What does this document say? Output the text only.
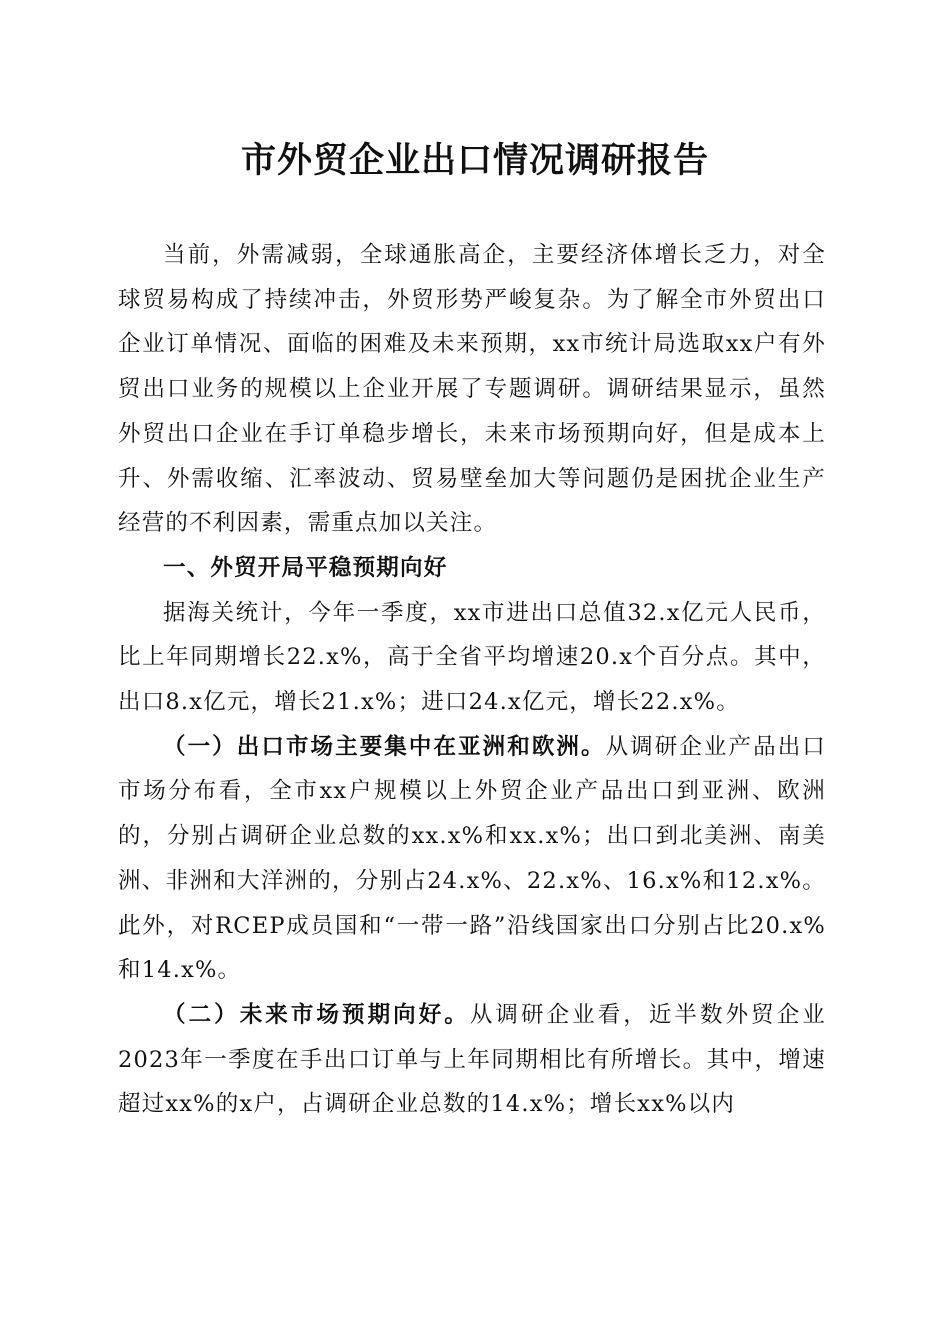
市外贸企业出口情况调研报告

当前，外需减弱，全球通胀高企，主要经济体增长乏力，对全球贸易构成了持续冲击，外贸形势严峻复杂。为了解全市外贸出口企业订单情况、面临的困难及未来预期，xx市统计局选取xx户有外贸出口业务的规模以上企业开展了专题调研。调研结果显示，虽然外贸出口企业在手订单稳步增长，未来市场预期向好，但是成本上升、外需收缩、汇率波动、贸易壁垒加大等问题仍是困扰企业生产经营的不利因素，需重点加以关注。

一、外贸开局平稳预期向好

据海关统计，今年一季度，xx市进出口总值32.x亿元人民币，比上年同期增长22.x%，高于全省平均增速20.x个百分点。其中，出口8.x亿元，增长21.x%；进口24.x亿元，增长22.x%。

（一）出口市场主要集中在亚洲和欧洲。从调研企业产品出口市场分布看，全市xx户规模以上外贸企业产品出口到亚洲、欧洲的，分别占调研企业总数的xx.x%和xx.x%；出口到北美洲、南美洲、非洲和大洋洲的，分别占24.x%、22.x%、16.x%和12.x%。此外，对RCEP成员国和“一带一路”沿线国家出口分别占比20.x%和14.x%。

（二）未来市场预期向好。从调研企业看，近半数外贸企业2023年一季度在手出口订单与上年同期相比有所增长。其中，增速超过xx%的x户，占调研企业总数的14.x%；增长xx%以内
